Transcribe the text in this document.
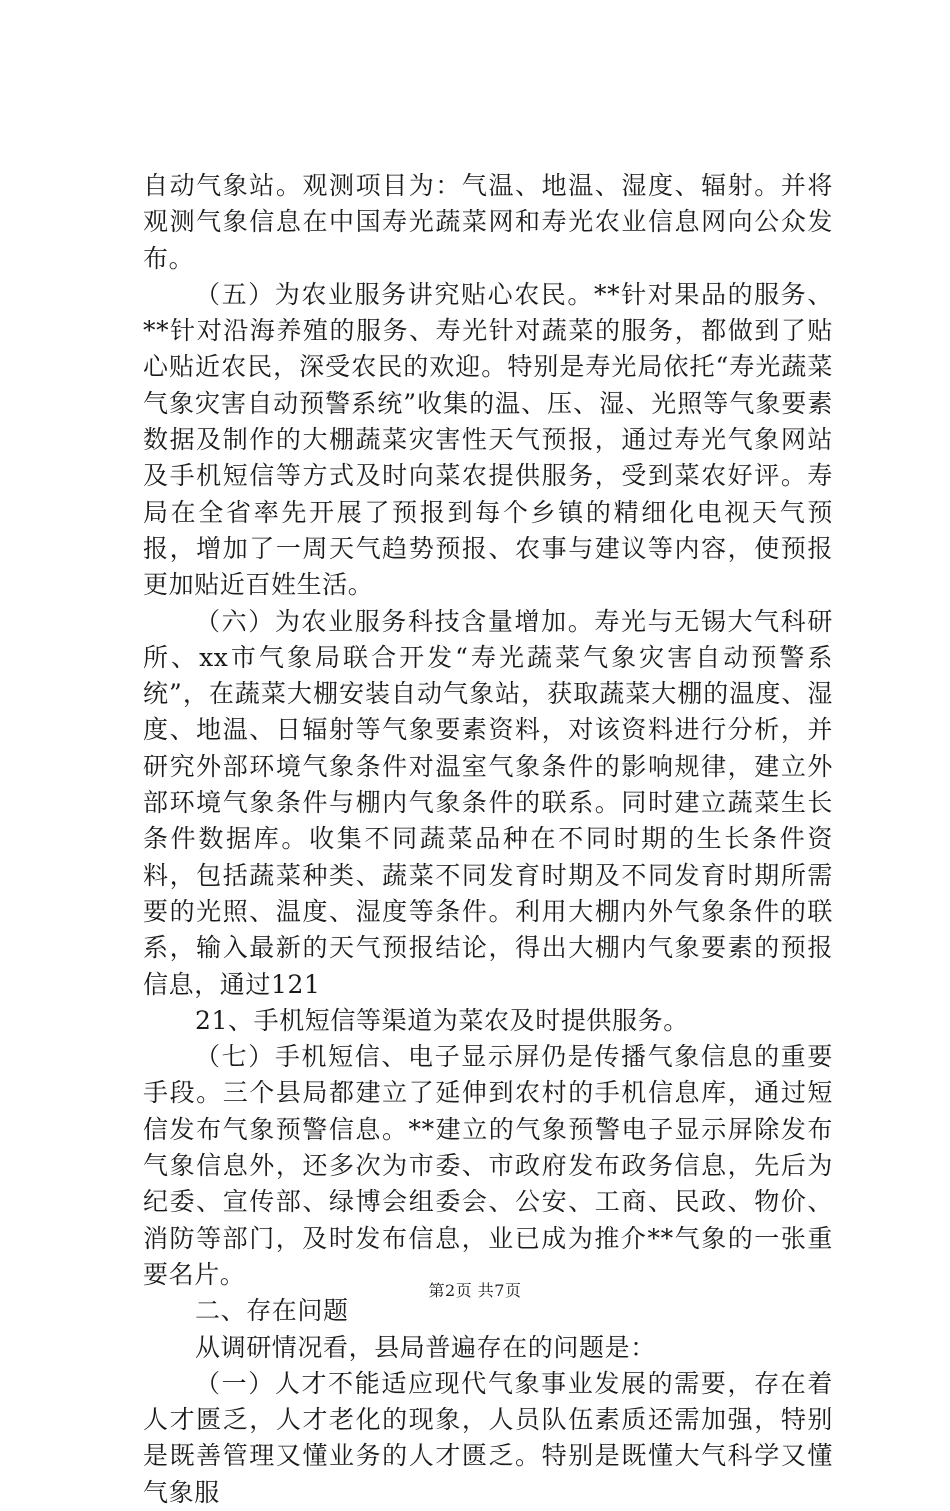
自动气象站。观测项目为：气温、地温、湿度、辐射。并将观测气象信息在中国寿光蔬菜网和寿光农业信息网向公众发布。

（五）为农业服务讲究贴心农民。**针对果品的服务、**针对沿海养殖的服务、寿光针对蔬菜的服务，都做到了贴心贴近农民，深受农民的欢迎。特别是寿光局依托“寿光蔬菜气象灾害自动预警系统”收集的温、压、湿、光照等气象要素数据及制作的大棚蔬菜灾害性天气预报，通过寿光气象网站及手机短信等方式及时向菜农提供服务，受到菜农好评。寿局在全省率先开展了预报到每个乡镇的精细化电视天气预报，增加了一周天气趋势预报、农事与建议等内容，使预报更加贴近百姓生活。

（六）为农业服务科技含量增加。寿光与无锡大气科研所、xx市气象局联合开发“寿光蔬菜气象灾害自动预警系统”，在蔬菜大棚安装自动气象站，获取蔬菜大棚的温度、湿度、地温、日辐射等气象要素资料，对该资料进行分析，并研究外部环境气象条件对温室气象条件的影响规律，建立外部环境气象条件与棚内气象条件的联系。同时建立蔬菜生长条件数据库。收集不同蔬菜品种在不同时期的生长条件资料，包括蔬菜种类、蔬菜不同发育时期及不同发育时期所需要的光照、温度、湿度等条件。利用大棚内外气象条件的联系，输入最新的天气预报结论，得出大棚内气象要素的预报信息，通过121

21、手机短信等渠道为菜农及时提供服务。

（七）手机短信、电子显示屏仍是传播气象信息的重要手段。三个县局都建立了延伸到农村的手机信息库，通过短信发布气象预警信息。**建立的气象预警电子显示屏除发布气象信息外，还多次为市委、市政府发布政务信息，先后为纪委、宣传部、绿博会组委会、公安、工商、民政、物价、消防等部门，及时发布信息，业已成为推介**气象的一张重要名片。

二、存在问题

从调研情况看，县局普遍存在的问题是：

（一）人才不能适应现代气象事业发展的需要，存在着人才匮乏，人才老化的现象，人员队伍素质还需加强，特别是既善管理又懂业务的人才匮乏。特别是既懂大气科学又懂气象服

第2页 共7页
